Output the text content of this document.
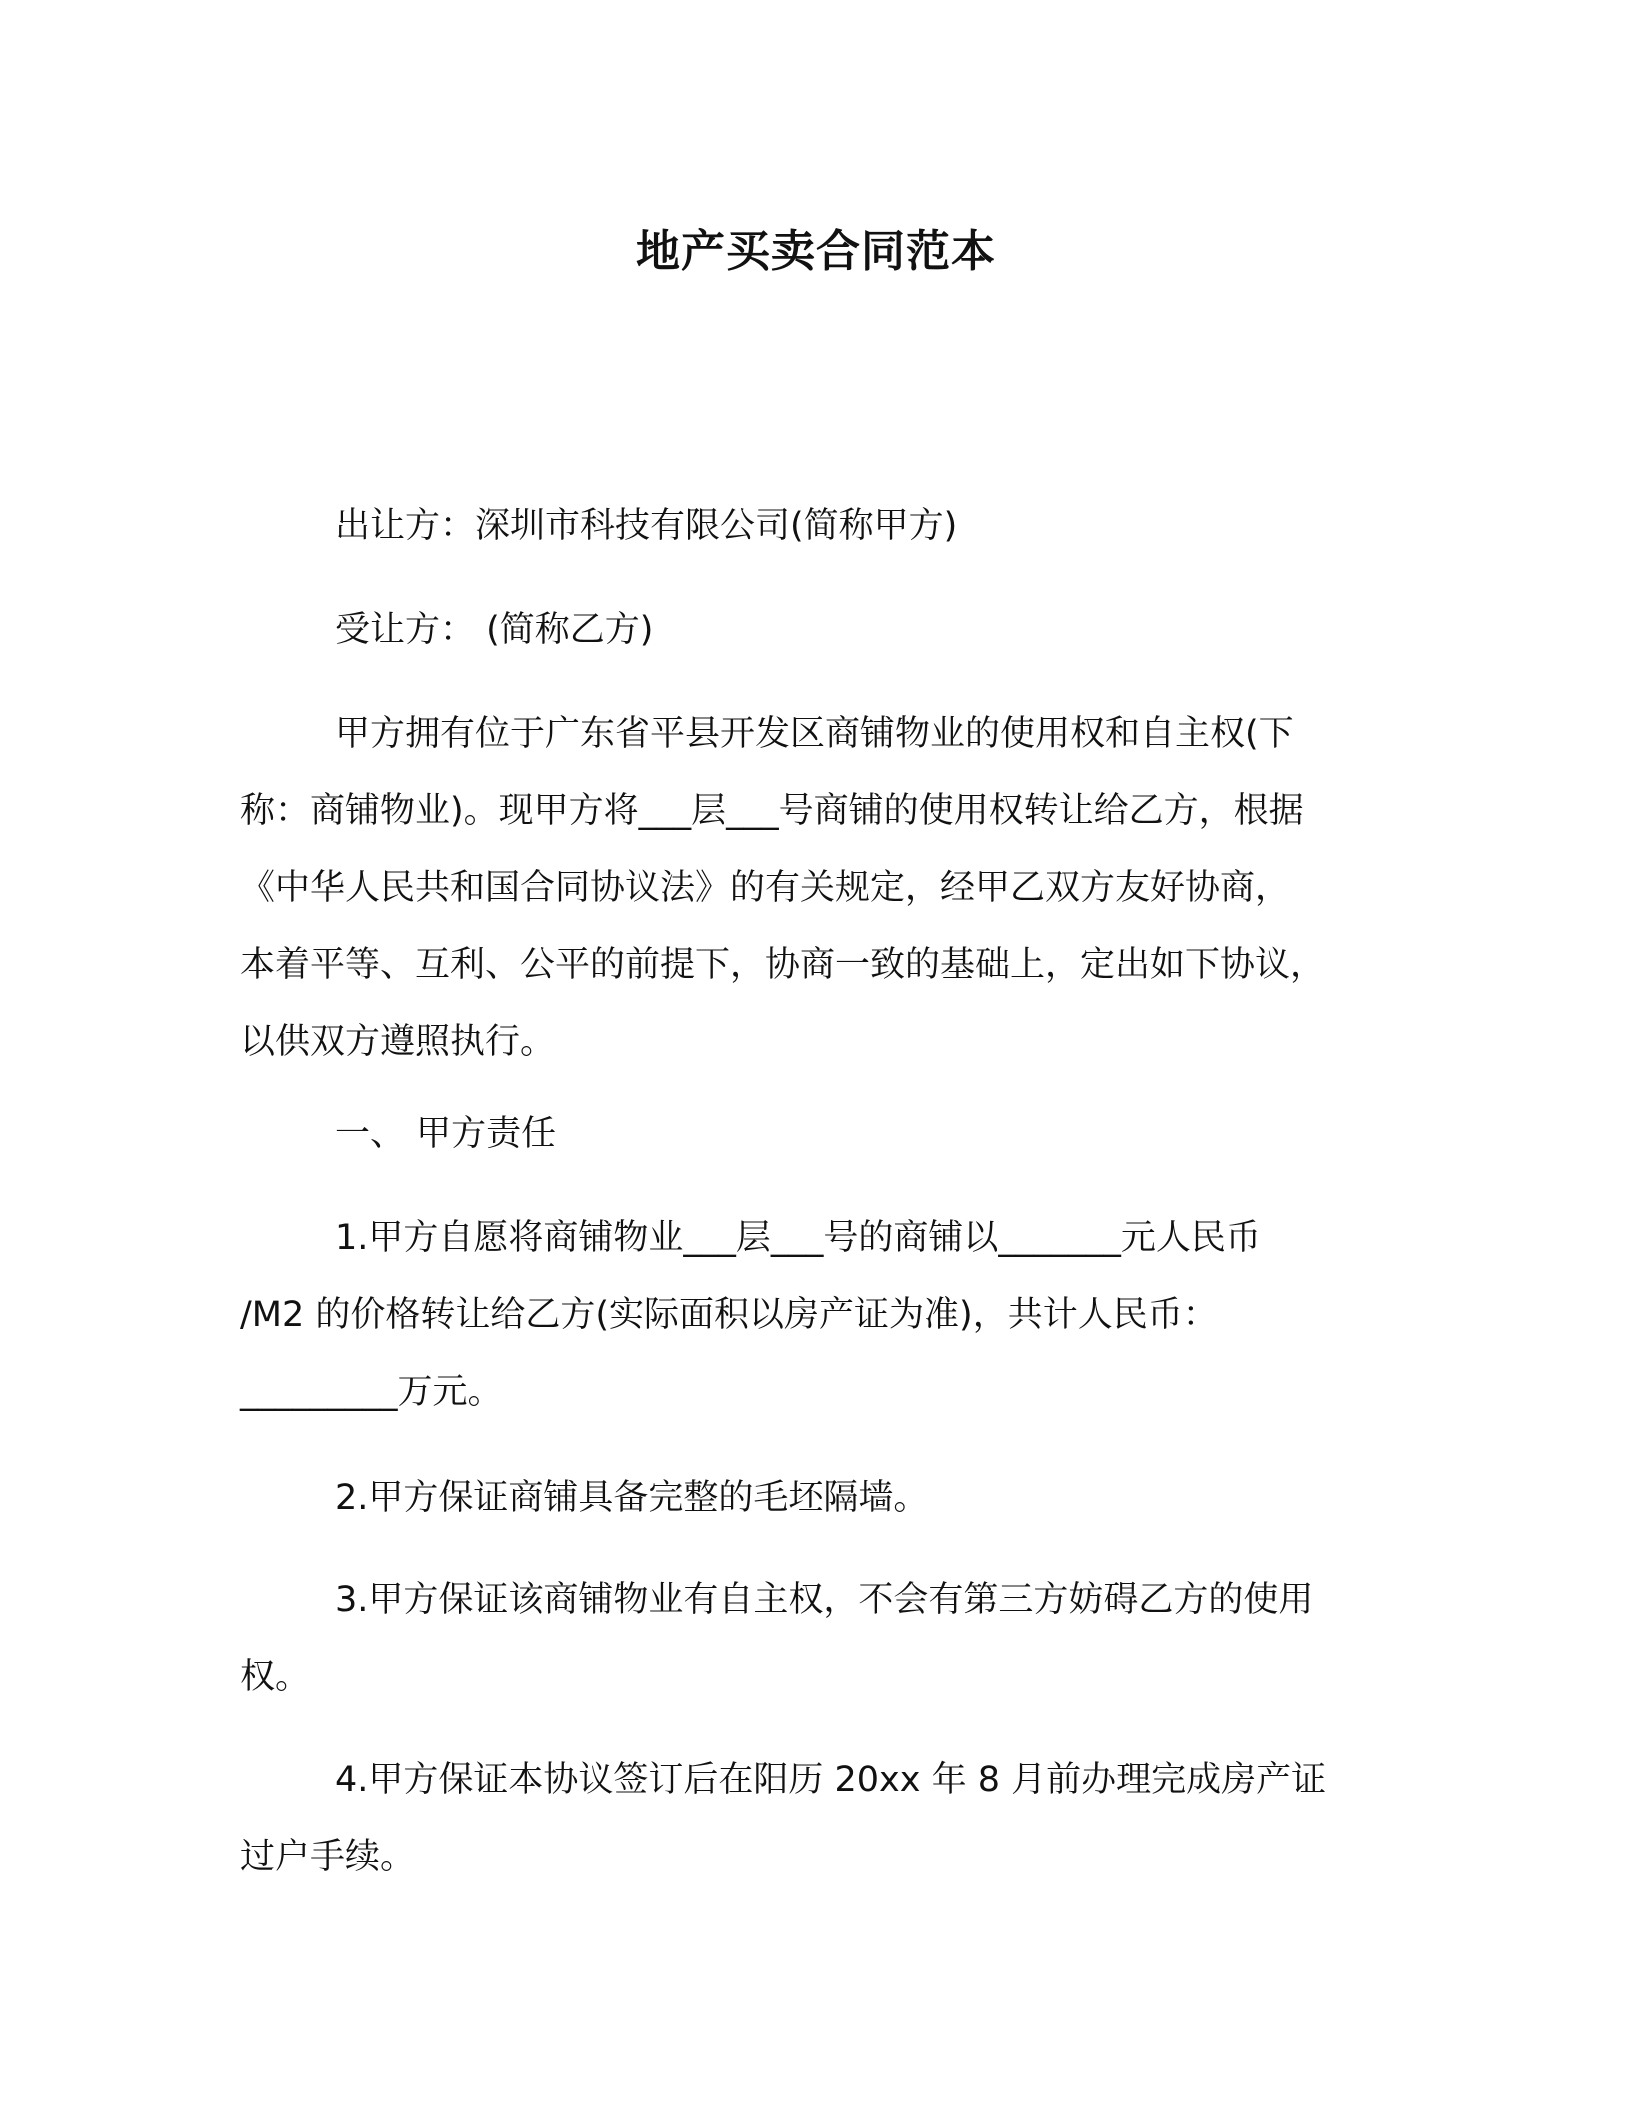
地产买卖合同范本
出让方：深圳市科技有限公司(简称甲方)
受让方： (简称乙方)
甲方拥有位于广东省平县开发区商铺物业的使用权和自主权(下
称：商铺物业)。现甲方将___层___号商铺的使用权转让给乙方，根据
《中华人民共和国合同协议法》的有关规定，经甲乙双方友好协商，
本着平等、互利、公平的前提下，协商一致的基础上，定出如下协议，
以供双方遵照执行。
一、 甲方责任
1.甲方自愿将商铺物业___层___号的商铺以_______元人民币
/M2 的价格转让给乙方(实际面积以房产证为准)，共计人民币：
_________万元。
2.甲方保证商铺具备完整的毛坯隔墙。
3.甲方保证该商铺物业有自主权，不会有第三方妨碍乙方的使用
权。
4.甲方保证本协议签订后在阳历 20xx 年 8 月前办理完成房产证
过户手续。
